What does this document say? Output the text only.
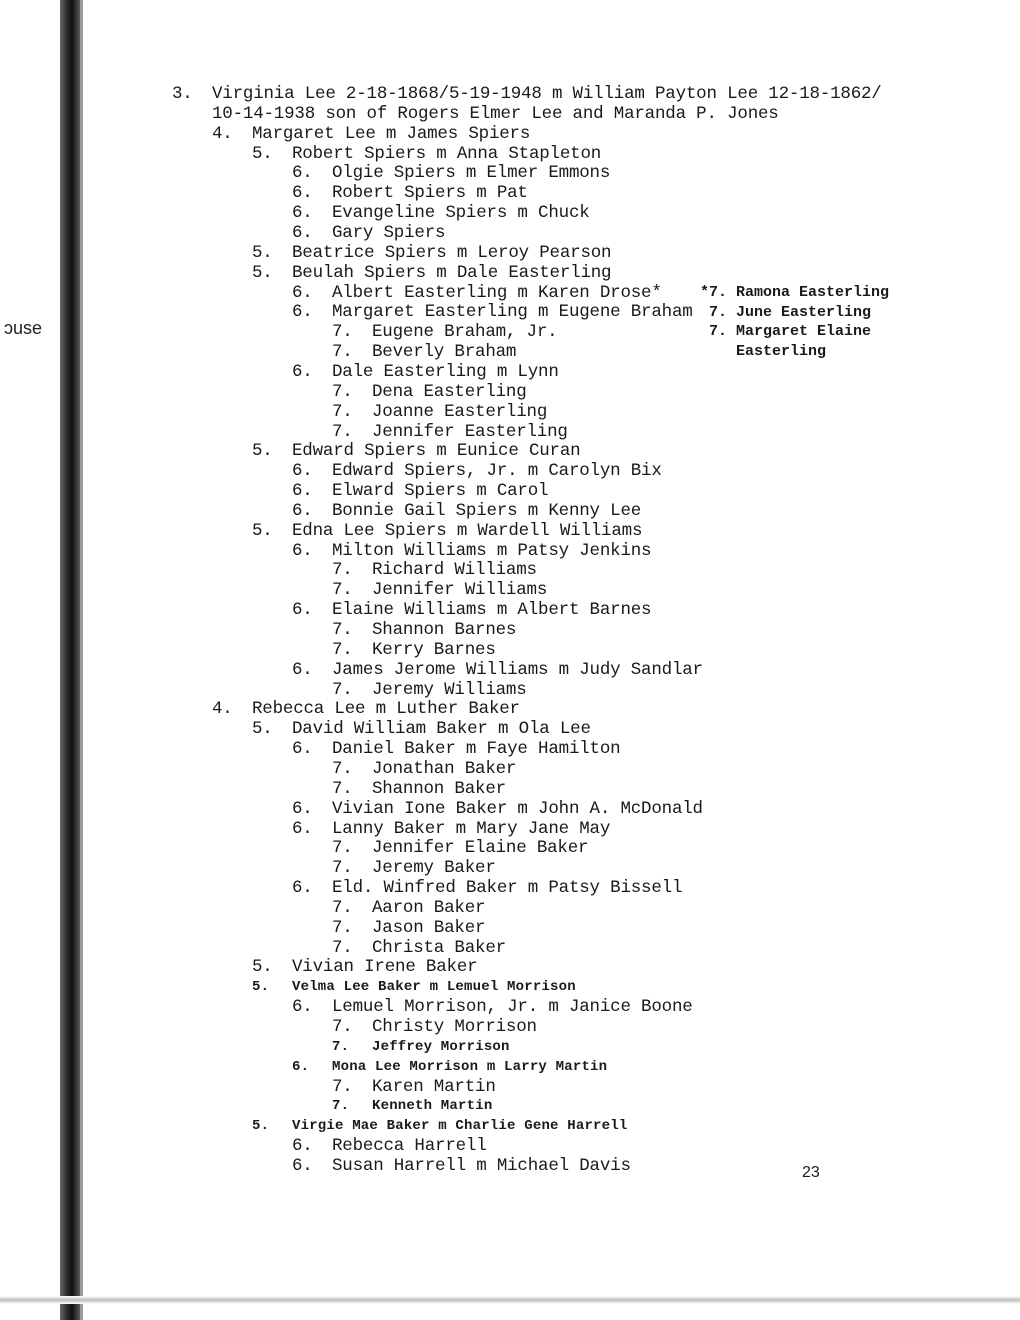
ɔuse
3. Virginia Lee 2-18-1868/5-19-1948 m William Payton Lee 12-18-1862/
10-14-1938 son of Rogers Elmer Lee and Maranda P. Jones
4. Margaret Lee m James Spiers
5. Robert Spiers m Anna Stapleton
6. Olgie Spiers m Elmer Emmons
6. Robert Spiers m Pat
6. Evangeline Spiers m Chuck
6. Gary Spiers
5. Beatrice Spiers m Leroy Pearson
5. Beulah Spiers m Dale Easterling
6. Albert Easterling m Karen Drose*
6. Margaret Easterling m Eugene Braham
7. Eugene Braham, Jr.
7. Beverly Braham
6. Dale Easterling m Lynn
7. Dena Easterling
7. Joanne Easterling
7. Jennifer Easterling
5. Edward Spiers m Eunice Curan
6. Edward Spiers, Jr. m Carolyn Bix
6. Elward Spiers m Carol
6. Bonnie Gail Spiers m Kenny Lee
5. Edna Lee Spiers m Wardell Williams
6. Milton Williams m Patsy Jenkins
7. Richard Williams
7. Jennifer Williams
6. Elaine Williams m Albert Barnes
7. Shannon Barnes
7. Kerry Barnes
6. James Jerome Williams m Judy Sandlar
7. Jeremy Williams
4. Rebecca Lee m Luther Baker
5. David William Baker m Ola Lee
6. Daniel Baker m Faye Hamilton
7. Jonathan Baker
7. Shannon Baker
6. Vivian Ione Baker m John A. McDonald
6. Lanny Baker m Mary Jane May
7. Jennifer Elaine Baker
7. Jeremy Baker
6. Eld. Winfred Baker m Patsy Bissell
7. Aaron Baker
7. Jason Baker
7. Christa Baker
5. Vivian Irene Baker
5. Velma Lee Baker m Lemuel Morrison
6. Lemuel Morrison, Jr. m Janice Boone
7. Christy Morrison
7. Jeffrey Morrison
6. Mona Lee Morrison m Larry Martin
7. Karen Martin
7. Kenneth Martin
5. Virgie Mae Baker m Charlie Gene Harrell
6. Rebecca Harrell
6. Susan Harrell m Michael Davis
*7. Ramona Easterling
7. June Easterling
7. Margaret Elaine
Easterling
23
